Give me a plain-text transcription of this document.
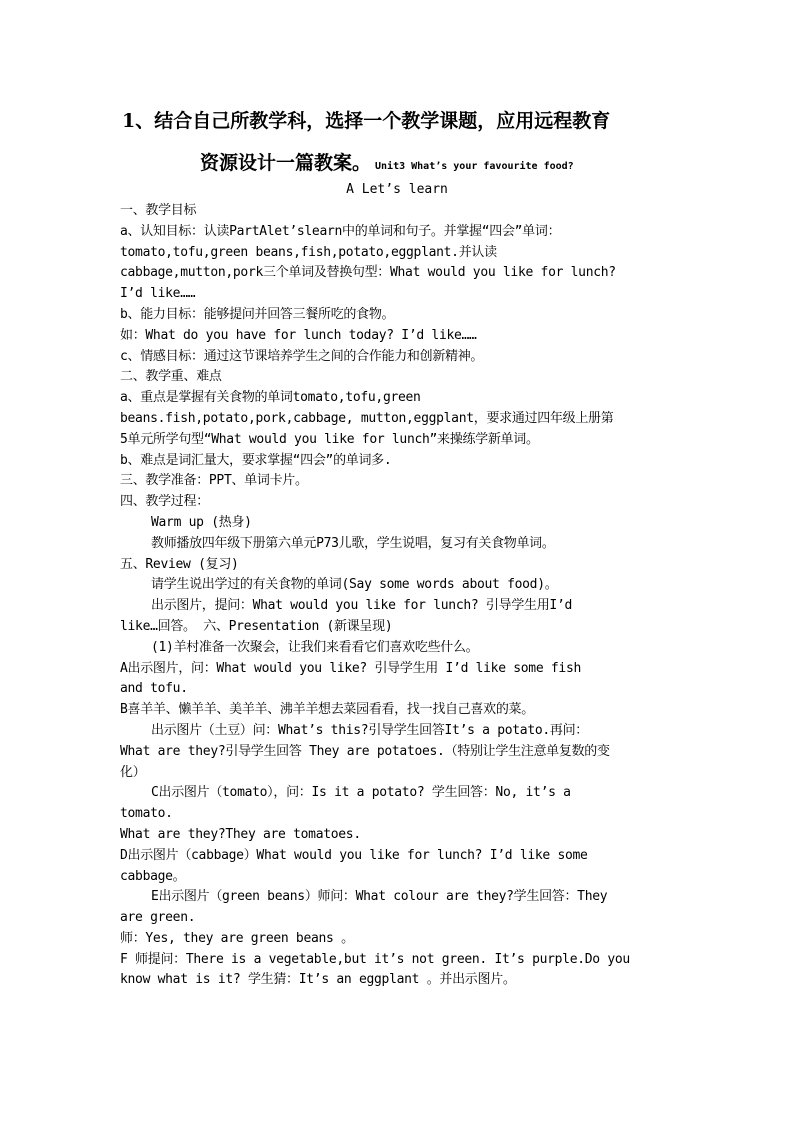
1、结合自己所教学科，选择一个教学课题，应用远程教育
资源设计一篇教案。 Unit3 What’s your favourite food?
A Let’s learn
一、教学目标
a、认知目标：认读PartAlet’slearn中的单词和句子。并掌握“四会”单词：
tomato,tofu,green beans,fish,potato,eggplant.并认读
cabbage,mutton,pork三个单词及替换句型：What would you like for lunch?
I’d like……
b、能力目标：能够提问并回答三餐所吃的食物。
如：What do you have for lunch today? I’d like……
c、情感目标：通过这节课培养学生之间的合作能力和创新精神。
二、教学重、难点
a、重点是掌握有关食物的单词tomato,tofu,green
beans.fish,potato,pork,cabbage, mutton,eggplant，要求通过四年级上册第
5单元所学句型“What would you like for lunch”来操练学新单词。
b、难点是词汇量大，要求掌握“四会”的单词多.
三、教学准备：PPT、单词卡片。
四、教学过程：
Warm up (热身)
教师播放四年级下册第六单元P73儿歌，学生说唱，复习有关食物单词。
五、Review (复习)
请学生说出学过的有关食物的单词(Say some words about food)。
出示图片，提问：What would you like for lunch? 引导学生用I’d
like…回答。 六、Presentation (新课呈现)
(1)羊村准备一次聚会，让我们来看看它们喜欢吃些什么。
A出示图片，问：What would you like? 引导学生用 I’d like some fish
and tofu.
B喜羊羊、懒羊羊、美羊羊、沸羊羊想去菜园看看，找一找自己喜欢的菜。
出示图片（土豆）问：What’s this?引导学生回答It’s a potato.再问：
What are they?引导学生回答 They are potatoes.（特别让学生注意单复数的变
化）
C出示图片（tomato），问：Is it a potato? 学生回答：No, it’s a
tomato.
What are they?They are tomatoes.
D出示图片（cabbage）What would you like for lunch? I’d like some
cabbage。
E出示图片（green beans）师问：What colour are they?学生回答：They
are green.
师：Yes, they are green beans 。
F 师提问：There is a vegetable,but it’s not green. It’s purple.Do you
know what is it? 学生猜：It’s an eggplant 。并出示图片。
